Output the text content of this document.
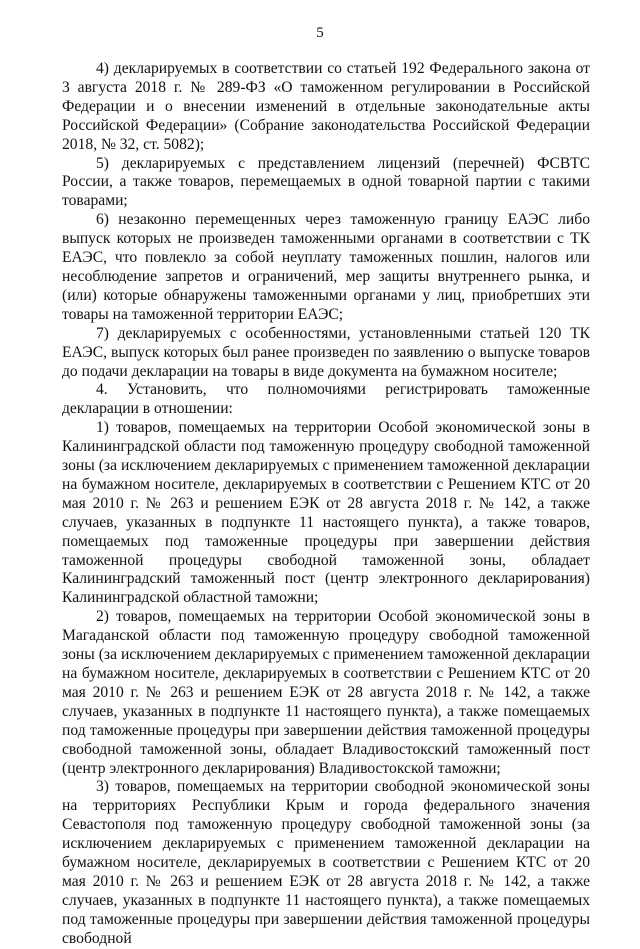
5

4) декларируемых в соответствии со статьей 192 Федерального закона от 3 августа 2018 г. № 289-ФЗ «О таможенном регулировании в Российской Федерации и о внесении изменений в отдельные законодательные акты Российской Федерации» (Собрание законодательства Российской Федерации 2018, № 32, ст. 5082);

5) декларируемых с представлением лицензий (перечней) ФСВТС России, а также товаров, перемещаемых в одной товарной партии с такими товарами;

6) незаконно перемещенных через таможенную границу ЕАЭС либо выпуск которых не произведен таможенными органами в соответствии с ТК ЕАЭС, что повлекло за собой неуплату таможенных пошлин, налогов или несоблюдение запретов и ограничений, мер защиты внутреннего рынка, и (или) которые обнаружены таможенными органами у лиц, приобретших эти товары на таможенной территории ЕАЭС;

7) декларируемых с особенностями, установленными статьей 120 ТК ЕАЭС, выпуск которых был ранее произведен по заявлению о выпуске товаров до подачи декларации на товары в виде документа на бумажном носителе;

4. Установить, что полномочиями регистрировать таможенные декларации в отношении:

1) товаров, помещаемых на территории Особой экономической зоны в Калининградской области под таможенную процедуру свободной таможенной зоны (за исключением декларируемых с применением таможенной декларации на бумажном носителе, декларируемых в соответствии с Решением КТС от 20 мая 2010 г. № 263 и решением ЕЭК от 28 августа 2018 г. № 142, а также случаев, указанных в подпункте 11 настоящего пункта), а также товаров, помещаемых под таможенные процедуры при завершении действия таможенной процедуры свободной таможенной зоны, обладает Калининградский таможенный пост (центр электронного декларирования) Калининградской областной таможни;

2) товаров, помещаемых на территории Особой экономической зоны в Магаданской области под таможенную процедуру свободной таможенной зоны (за исключением декларируемых с применением таможенной декларации на бумажном носителе, декларируемых в соответствии с Решением КТС от 20 мая 2010 г. № 263 и решением ЕЭК от 28 августа 2018 г. № 142, а также случаев, указанных в подпункте 11 настоящего пункта), а также помещаемых под таможенные процедуры при завершении действия таможенной процедуры свободной таможенной зоны, обладает Владивостокский таможенный пост (центр электронного декларирования) Владивостокской таможни;

3) товаров, помещаемых на территории свободной экономической зоны на территориях Республики Крым и города федерального значения Севастополя под таможенную процедуру свободной таможенной зоны (за исключением декларируемых с применением таможенной декларации на бумажном носителе, декларируемых в соответствии с Решением КТС от 20 мая 2010 г. № 263 и решением ЕЭК от 28 августа 2018 г. № 142, а также случаев, указанных в подпункте 11 настоящего пункта), а также помещаемых под таможенные процедуры при завершении действия таможенной процедуры свободной
